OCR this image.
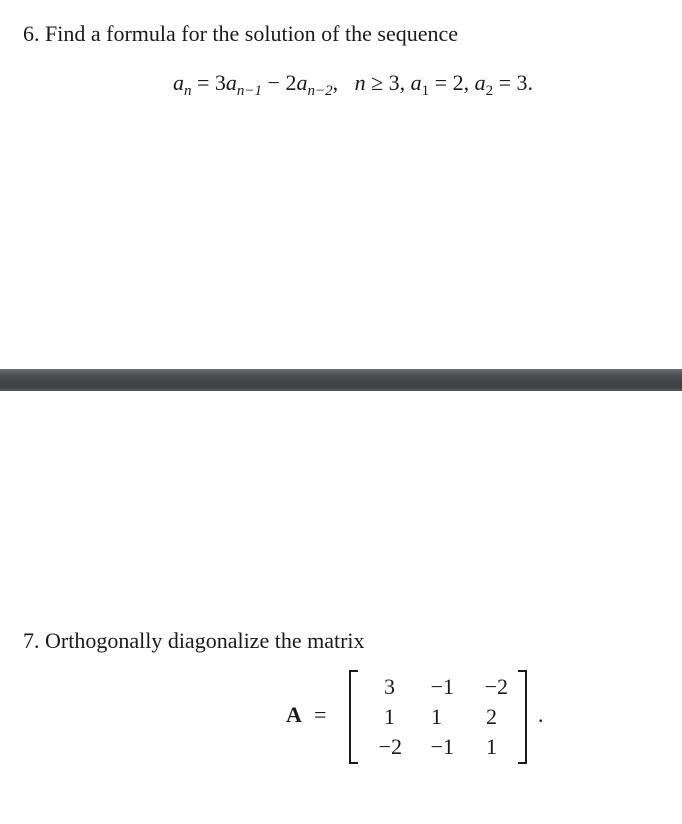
6. Find a formula for the solution of the sequence
$a_n = 3a_{n-1} - 2a_{n-2}$, n ≥ 3, $a_1 = 2$, $a_2 = 3$.
7. Orthogonally diagonalize the matrix
A =
3	−1	−2
1	1	2
−2	−1	1
.
